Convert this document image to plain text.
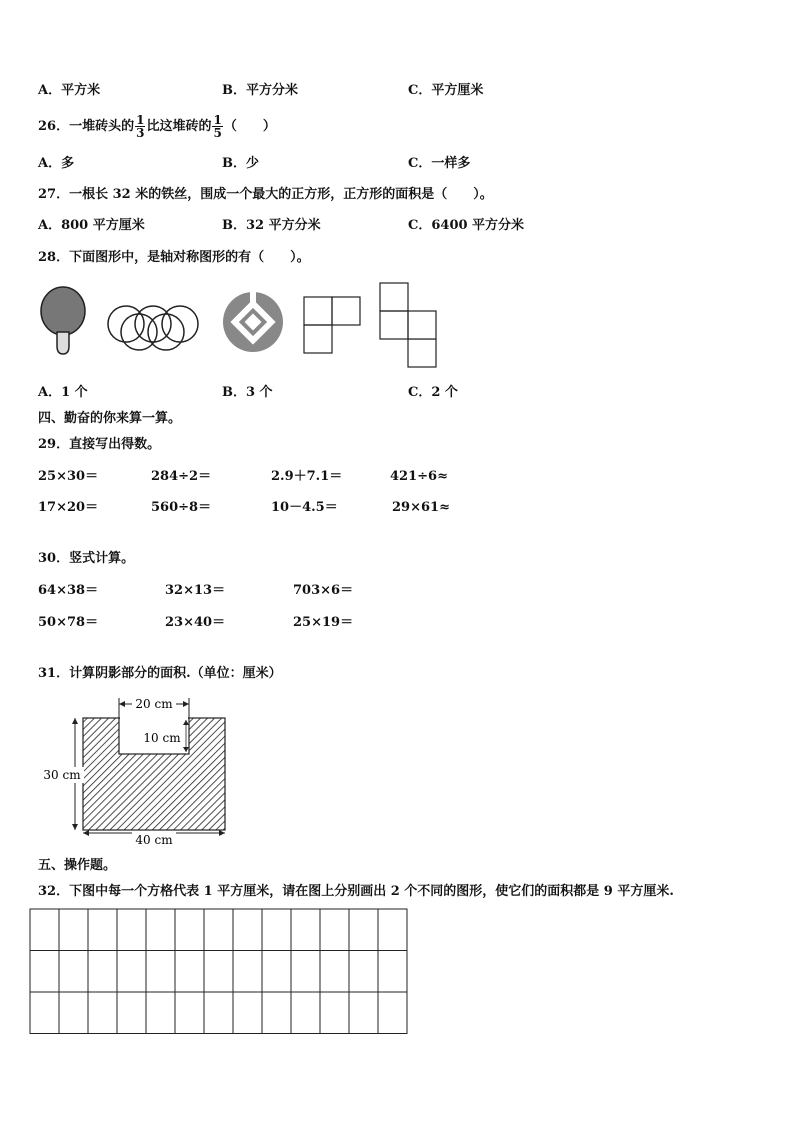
A．平方米	B．平方分米	C．平方厘米
26．一堆砖头的 $\frac{1}{3}$ 比这堆砖的 $\frac{1}{5}$ （　　）
A．多	B．少	C．一样多
27．一根长 32 米的铁丝，围成一个最大的正方形，正方形的面积是（　　）。
A．800 平方厘米	B．32 平方分米	C．6400 平方分米
28．下面图形中，是轴对称图形的有（　　）。
A．1 个	B．3 个	C．2 个
四、勤奋的你来算一算。
29．直接写出得数。
25×30＝	284÷2＝	2.9＋7.1＝	421÷6≈
17×20＝	560÷8＝	10－4.5＝	29×61≈
30．竖式计算。
64×38＝	32×13＝	703×6＝
50×78＝	23×40＝	25×19＝
31．计算阴影部分的面积.（单位：厘米）
20 cm
10 cm
30 cm
40 cm
五、操作题。
32．下图中每一个方格代表 1 平方厘米，请在图上分别画出 2 个不同的图形，使它们的面积都是 9 平方厘米.
